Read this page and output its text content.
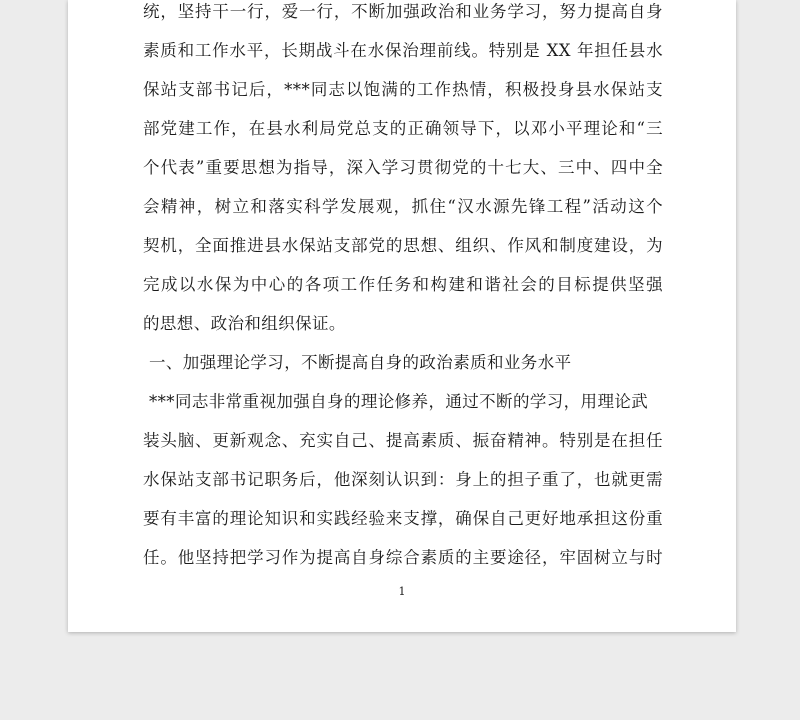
统，坚持干一行，爱一行，不断加强政治和业务学习，努力提高自身
素质和工作水平，长期战斗在水保治理前线。特别是 XX 年担任县水
保站支部书记后，***同志以饱满的工作热情，积极投身县水保站支
部党建工作，在县水利局党总支的正确领导下，以邓小平理论和“三
个代表”重要思想为指导，深入学习贯彻党的十七大、三中、四中全
会精神，树立和落实科学发展观，抓住“汉水源先锋工程”活动这个
契机，全面推进县水保站支部党的思想、组织、作风和制度建设，为
完成以水保为中心的各项工作任务和构建和谐社会的目标提供坚强
的思想、政治和组织保证。
一、加强理论学习，不断提高自身的政治素质和业务水平
***同志非常重视加强自身的理论修养，通过不断的学习，用理论武
装头脑、更新观念、充实自己、提高素质、振奋精神。特别是在担任
水保站支部书记职务后，他深刻认识到：身上的担子重了，也就更需
要有丰富的理论知识和实践经验来支撑，确保自己更好地承担这份重
任。他坚持把学习作为提高自身综合素质的主要途径，牢固树立与时
1
